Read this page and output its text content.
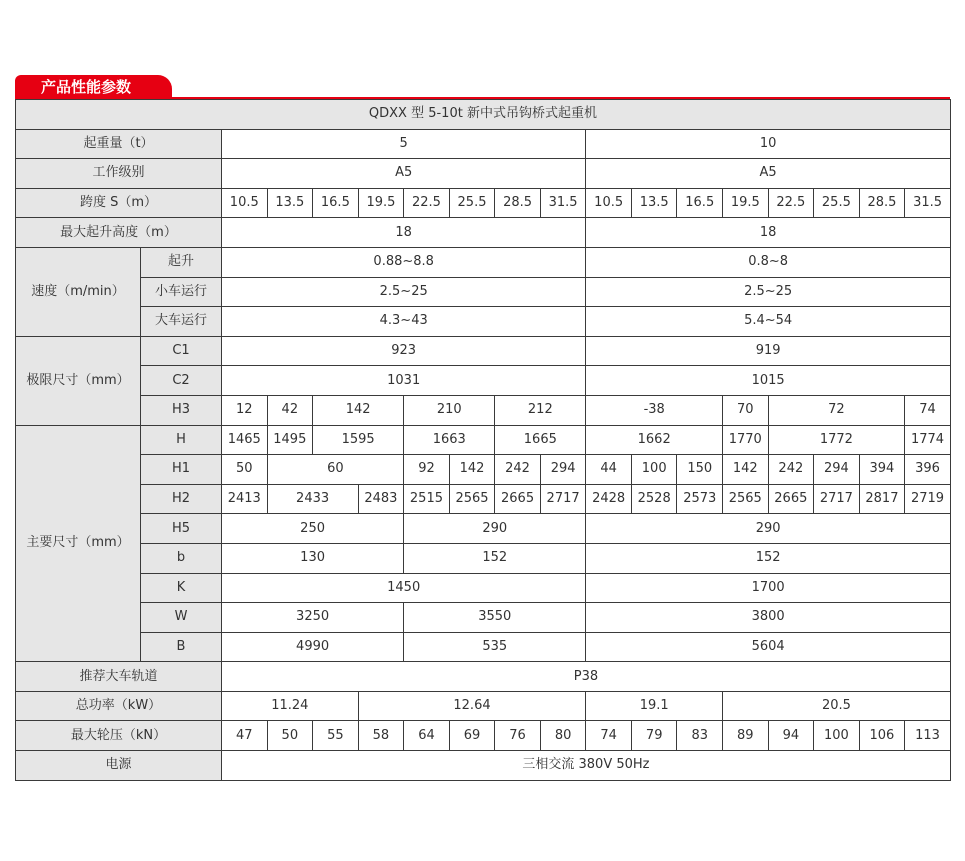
产品性能参数
QDXX 型 5-10t 新中式吊钩桥式起重机																	
起重量（t）		5								10							
工作级别		A5								A5							
跨度 S（m）		10.5	13.5	16.5	19.5	22.5	25.5	28.5	31.5	10.5	13.5	16.5	19.5	22.5	25.5	28.5	31.5
最大起升高度（m）		18								18							
速度（m/min）	起升	0.88~8.8								0.8~8							
	小车运行	2.5~25								2.5~25							
	大车运行	4.3~43								5.4~54							
极限尺寸（mm）	C1	923								919							
	C2	1031								1015							
	H3	12	42	142		210		212		-38			70	72			74
主要尺寸（mm）	H	1465	1495	1595		1663		1665		1662			1770	1772			1774
	H1	50	60			92	142	242	294	44	100	150	142	242	294	394	396
	H2	2413	2433		2483	2515	2565	2665	2717	2428	2528	2573	2565	2665	2717	2817	2719
	H5	250				290				290							
	b	130				152				152							
	K	1450								1700							
	W	3250				3550				3800							
	B	4990				535				5604							
推荐大车轨道		P38															
总功率（kW）		11.24			12.64					19.1			20.5				
最大轮压（kN）		47	50	55	58	64	69	76	80	74	79	83	89	94	100	106	113
电源		三相交流 380V 50Hz															
